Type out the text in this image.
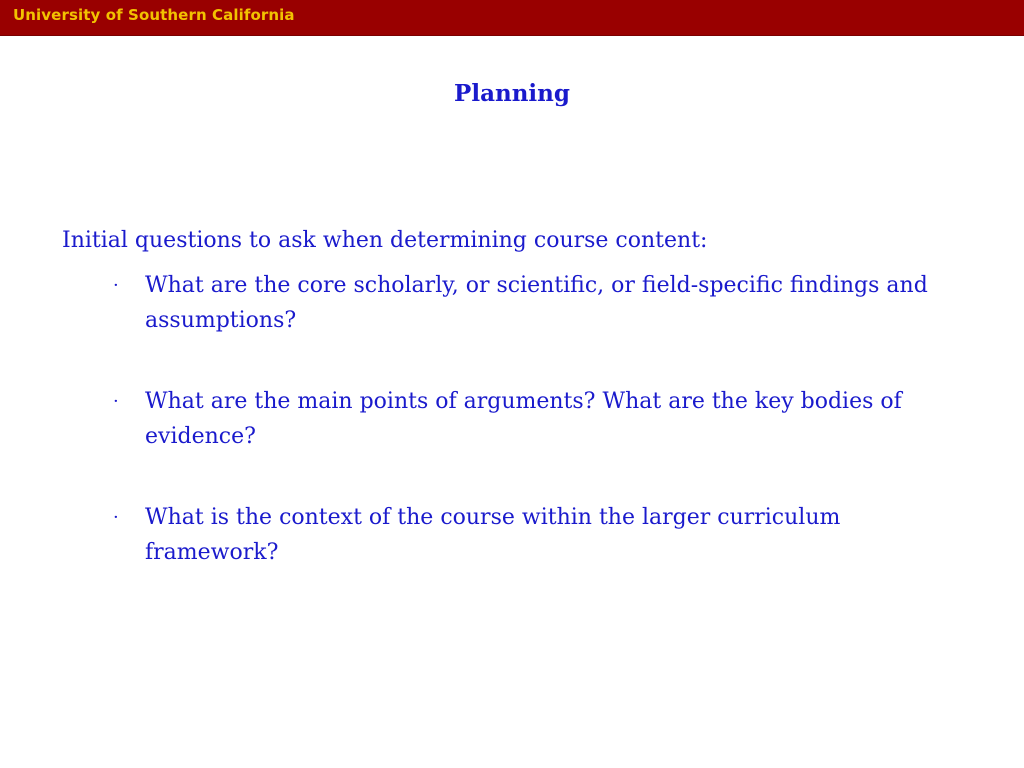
University of Southern California
Planning
Initial questions to ask when determining course content:
·	What are the core scholarly, or scientific, or field-specific findings and assumptions?
·	What are the main points of arguments? What are the key bodies of evidence?
·	What is the context of the course within the larger curriculum framework?
